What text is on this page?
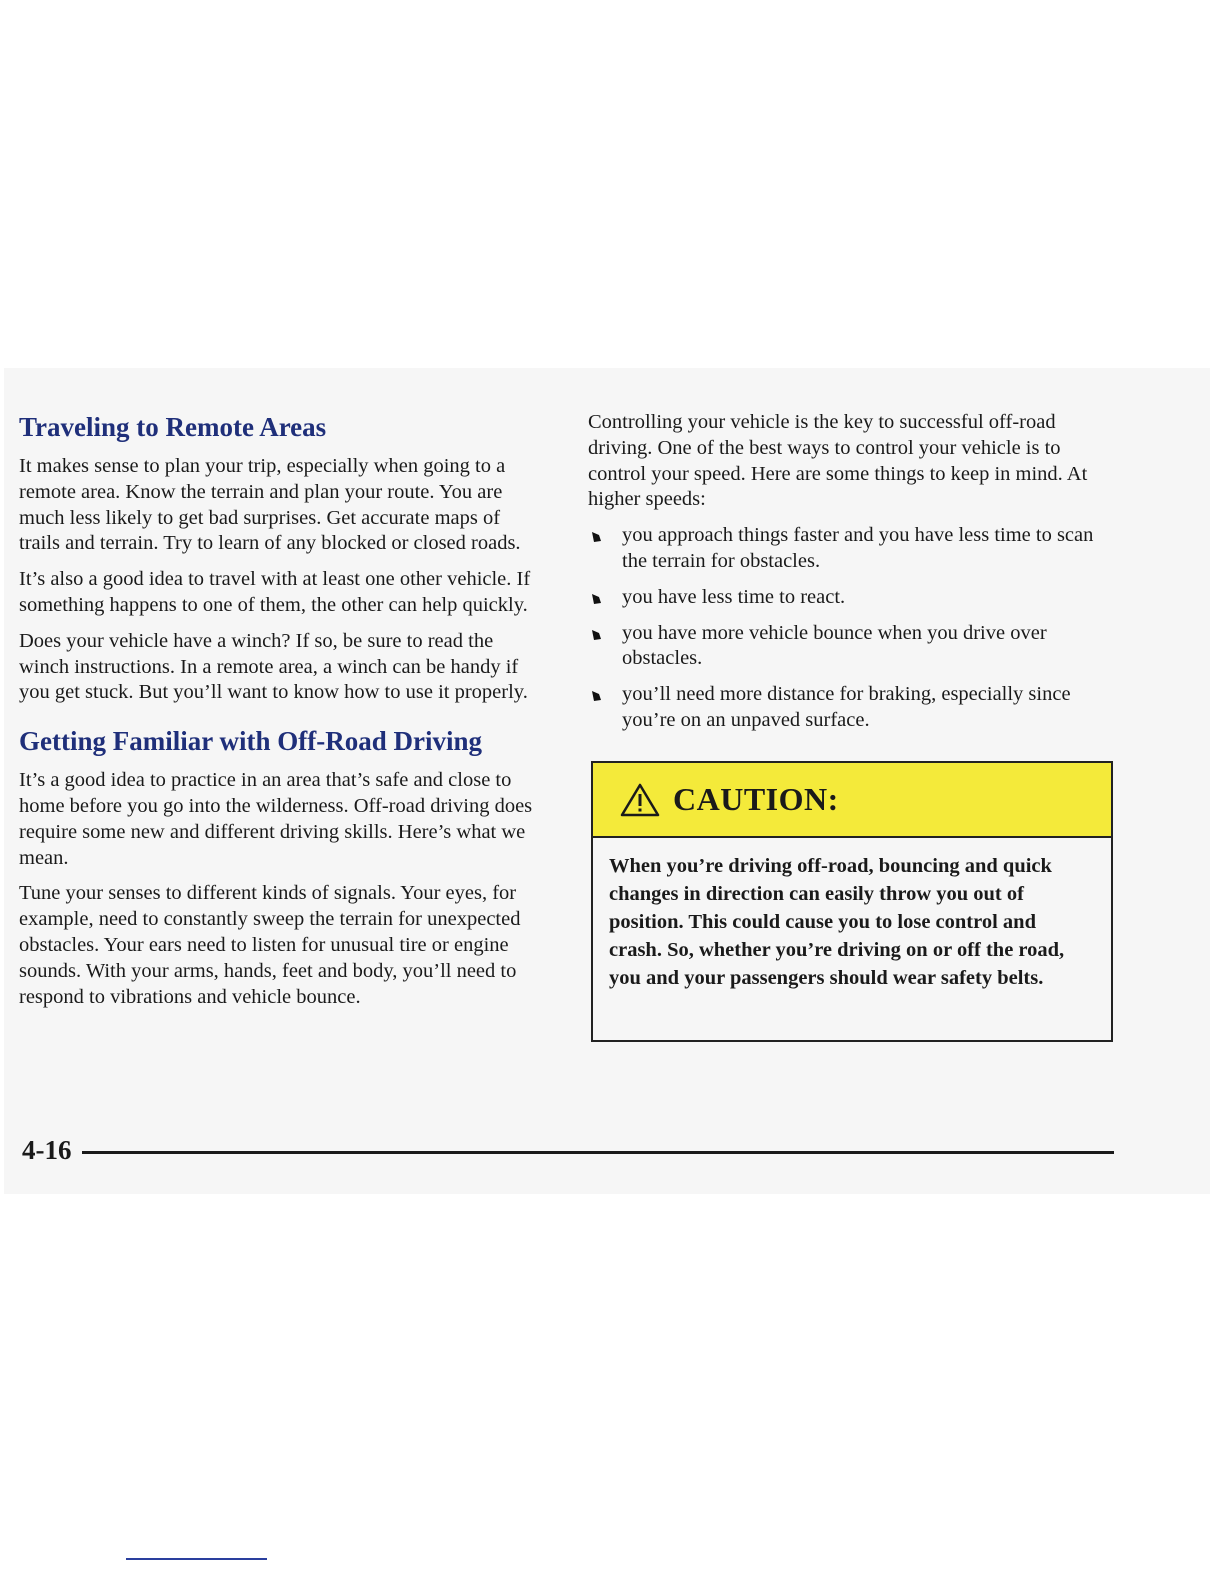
Traveling to Remote Areas

It makes sense to plan your trip, especially when going to a remote area. Know the terrain and plan your route. You are much less likely to get bad surprises. Get accurate maps of trails and terrain. Try to learn of any blocked or closed roads.

It’s also a good idea to travel with at least one other vehicle. If something happens to one of them, the other can help quickly.

Does your vehicle have a winch? If so, be sure to read the winch instructions. In a remote area, a winch can be handy if you get stuck. But you’ll want to know how to use it properly.

Getting Familiar with Off-Road Driving

It’s a good idea to practice in an area that’s safe and close to home before you go into the wilderness. Off-road driving does require some new and different driving skills. Here’s what we mean.

Tune your senses to different kinds of signals. Your eyes, for example, need to constantly sweep the terrain for unexpected obstacles. Your ears need to listen for unusual tire or engine sounds. With your arms, hands, feet and body, you’ll need to respond to vibrations and vehicle bounce.

Controlling your vehicle is the key to successful off-road driving. One of the best ways to control your vehicle is to control your speed. Here are some things to keep in mind. At higher speeds:

you approach things faster and you have less time to scan the terrain for obstacles.
you have less time to react.
you have more vehicle bounce when you drive over obstacles.
you’ll need more distance for braking, especially since you’re on an unpaved surface.
CAUTION:
When you’re driving off-road, bouncing and quick changes in direction can easily throw you out of position. This could cause you to lose control and crash. So, whether you’re driving on or off the road, you and your passengers should wear safety belts.
4-16
